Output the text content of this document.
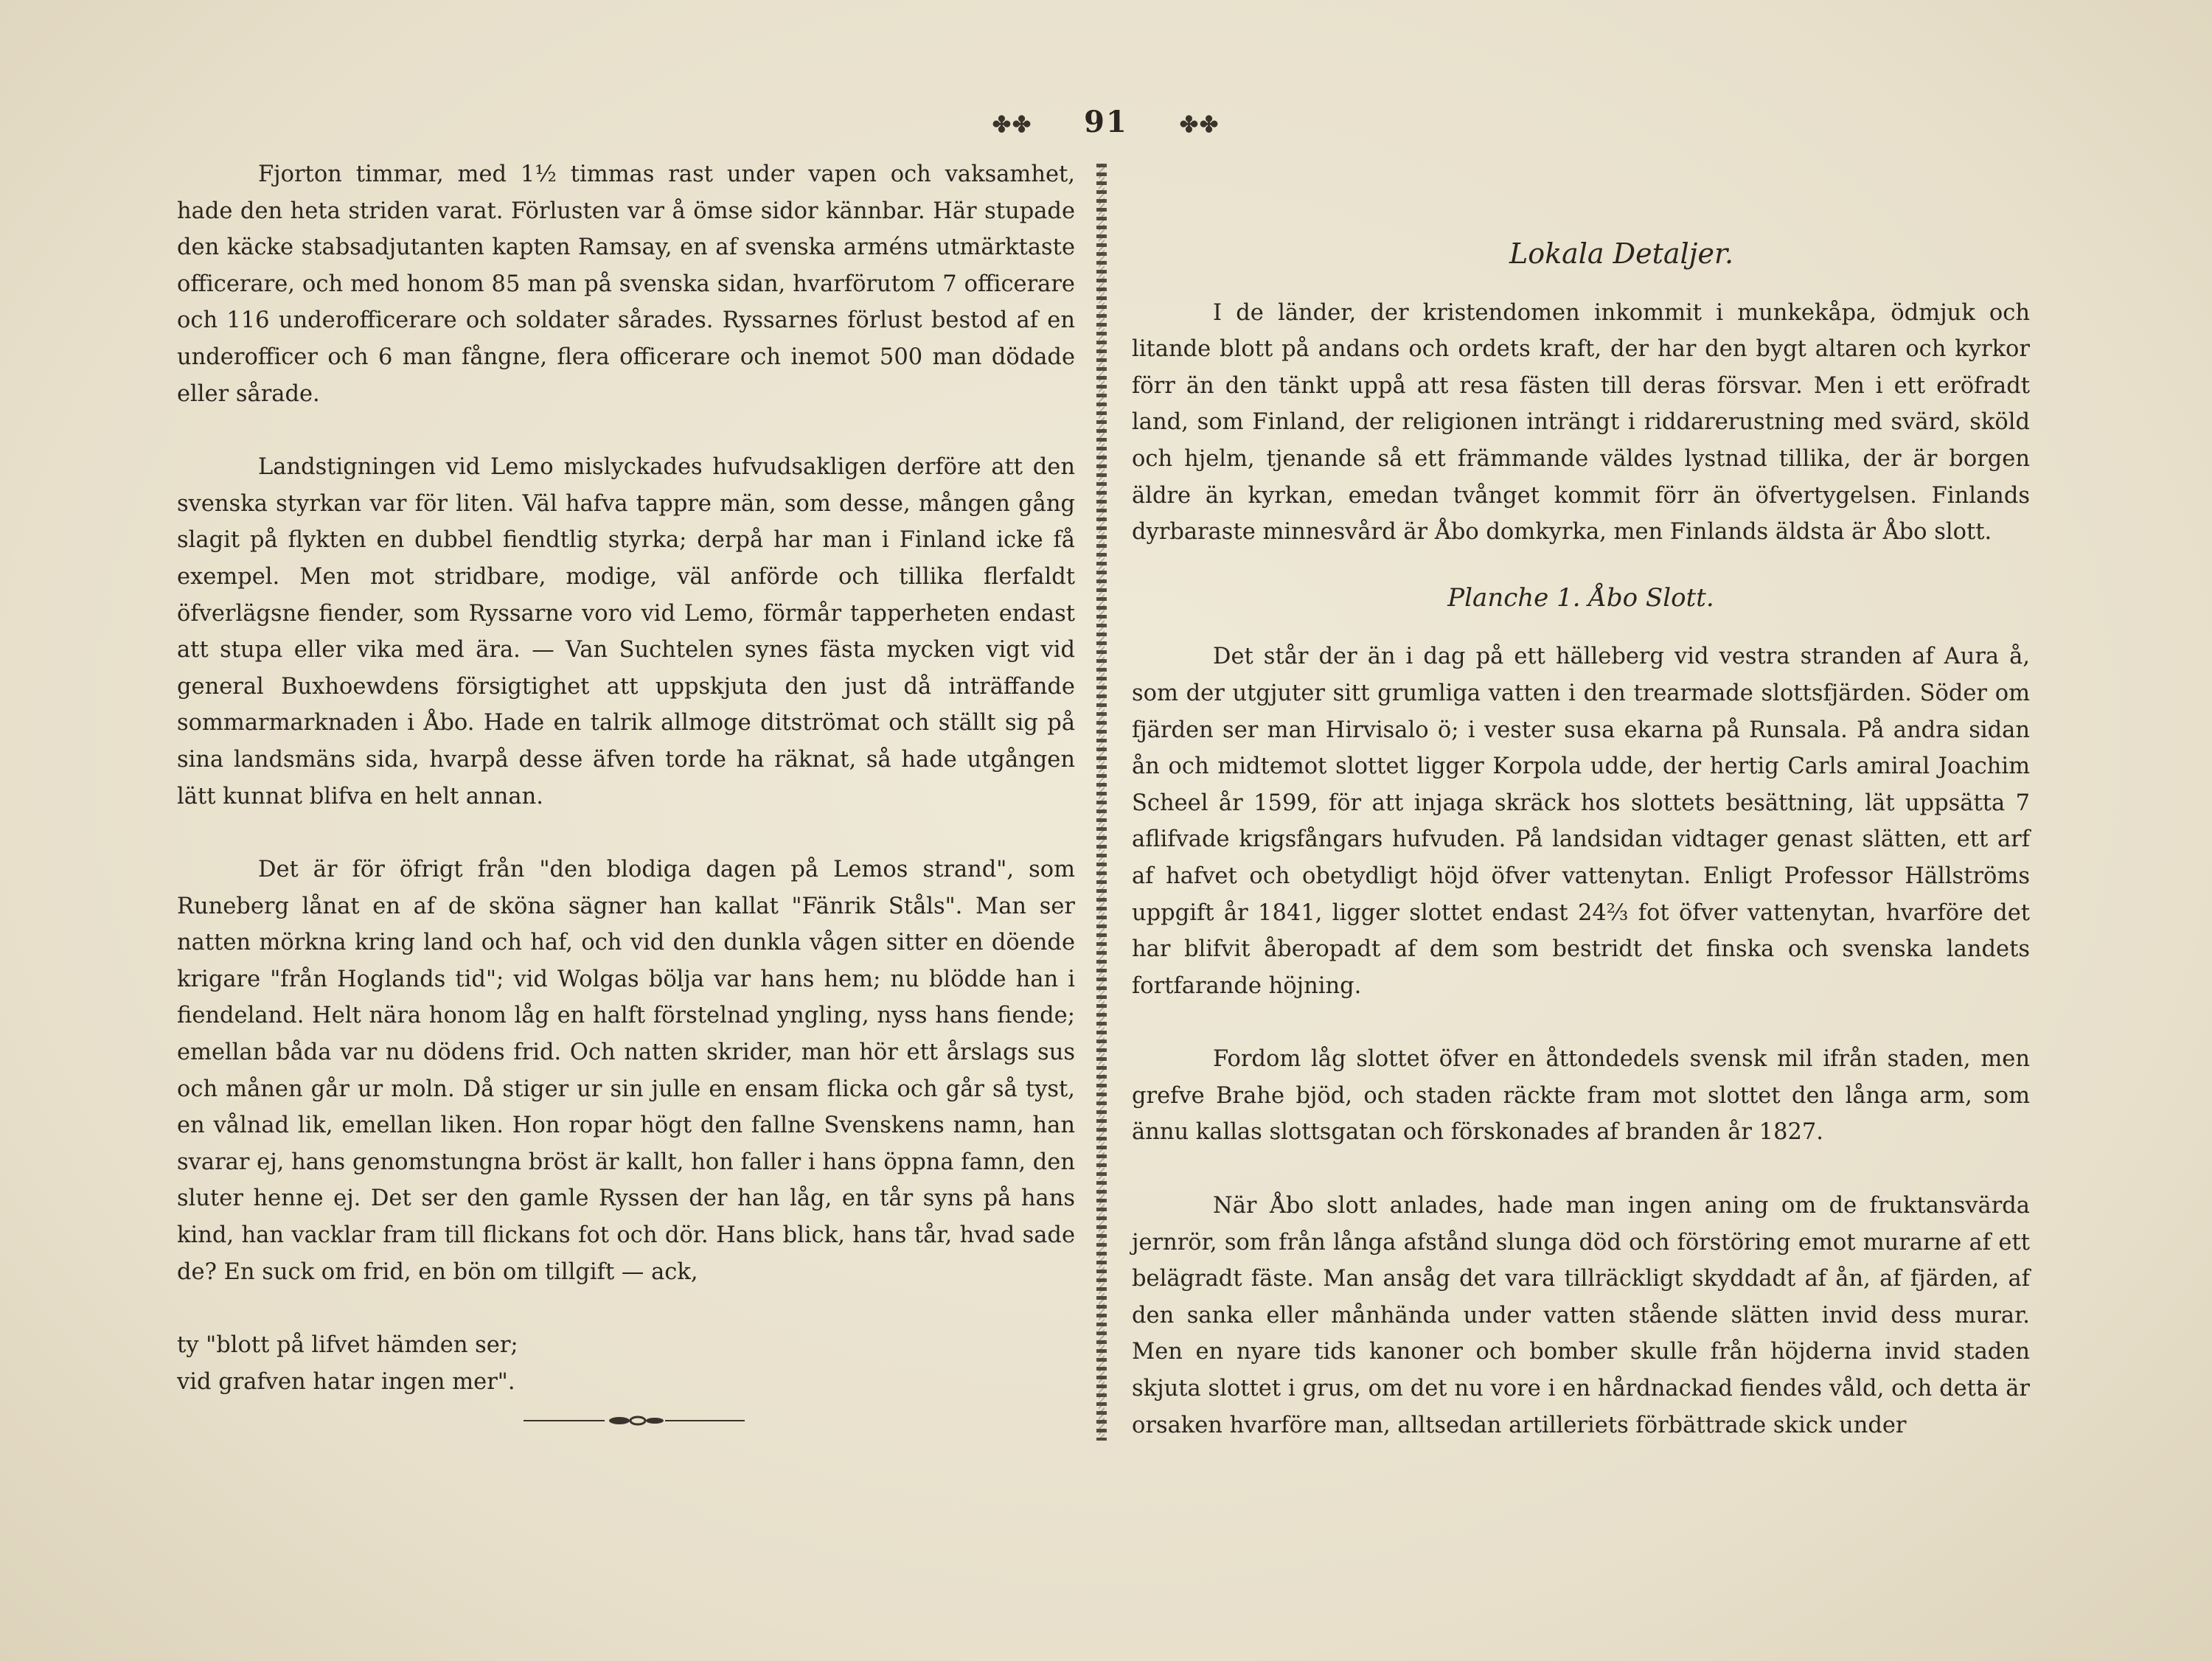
✤✤ 91 ✤✤

Fjorton timmar, med 1½ timmas rast under vapen och vaksamhet, hade den heta striden varat. Förlusten var å ömse sidor kännbar. Här stupade den käcke stabsadjutanten kapten Ramsay, en af svenska arméns utmärktaste officerare, och med honom 85 man på svenska sidan, hvarförutom 7 officerare och 116 underofficerare och soldater sårades. Ryssarnes förlust bestod af en underofficer och 6 man fångne, flera officerare och inemot 500 man dödade eller sårade.

Landstigningen vid Lemo mislyckades hufvudsakligen derföre att den svenska styrkan var för liten. Väl hafva tappre män, som desse, mången gång slagit på flykten en dubbel fiendtlig styrka; derpå har man i Finland icke få exempel. Men mot stridbare, modige, väl anförde och tillika flerfaldt öfverlägsne fiender, som Ryssarne voro vid Lemo, förmår tapperheten endast att stupa eller vika med ära. — Van Suchtelen synes fästa mycken vigt vid general Buxhoewdens försigtighet att uppskjuta den just då inträffande sommarmarknaden i Åbo. Hade en talrik allmoge ditströmat och ställt sig på sina landsmäns sida, hvarpå desse äfven torde ha räknat, så hade utgången lätt kunnat blifva en helt annan.

Det är för öfrigt från "den blodiga dagen på Lemos strand", som Runeberg lånat en af de sköna sägner han kallat "Fänrik Ståls". Man ser natten mörkna kring land och haf, och vid den dunkla vågen sitter en döende krigare "från Hoglands tid"; vid Wolgas bölja var hans hem; nu blödde han i fiendeland. Helt nära honom låg en halft förstelnad yngling, nyss hans fiende; emellan båda var nu dödens frid. Och natten skrider, man hör ett årslags sus och månen går ur moln. Då stiger ur sin julle en ensam flicka och går så tyst, en vålnad lik, emellan liken. Hon ropar högt den fallne Svenskens namn, han svarar ej, hans genomstungna bröst är kallt, hon faller i hans öppna famn, den sluter henne ej. Det ser den gamle Ryssen der han låg, en tår syns på hans kind, han vacklar fram till flickans fot och dör. Hans blick, hans tår, hvad sade de? En suck om frid, en bön om tillgift — ack,

ty "blott på lifvet hämden ser;
vid grafven hatar ingen mer".

Lokala Detaljer.

I de länder, der kristendomen inkommit i munkekåpa, ödmjuk och litande blott på andans och ordets kraft, der har den bygt altaren och kyrkor förr än den tänkt uppå att resa fästen till deras försvar. Men i ett eröfradt land, som Finland, der religionen inträngt i riddarerustning med svärd, sköld och hjelm, tjenande så ett främmande väldes lystnad tillika, der är borgen äldre än kyrkan, emedan tvånget kommit förr än öfvertygelsen. Finlands dyrbaraste minnesvård är Åbo domkyrka, men Finlands äldsta är Åbo slott.

Planche 1. Åbo Slott.

Det står der än i dag på ett hälleberg vid vestra stranden af Aura å, som der utgjuter sitt grumliga vatten i den trearmade slottsfjärden. Söder om fjärden ser man Hirvisalo ö; i vester susa ekarna på Runsala. På andra sidan ån och midtemot slottet ligger Korpola udde, der hertig Carls amiral Joachim Scheel år 1599, för att injaga skräck hos slottets besättning, lät uppsätta 7 aflifvade krigsfångars hufvuden. På landsidan vidtager genast slätten, ett arf af hafvet och obetydligt höjd öfver vattenytan. Enligt Professor Hällströms uppgift år 1841, ligger slottet endast 24⅔ fot öfver vattenytan, hvarföre det har blifvit åberopadt af dem som bestridt det finska och svenska landets fortfarande höjning.

Fordom låg slottet öfver en åttondedels svensk mil ifrån staden, men grefve Brahe bjöd, och staden räckte fram mot slottet den långa arm, som ännu kallas slottsgatan och förskonades af branden år 1827.

När Åbo slott anlades, hade man ingen aning om de fruktansvärda jernrör, som från långa afstånd slunga död och förstöring emot murarne af ett belägradt fäste. Man ansåg det vara tillräckligt skyddadt af ån, af fjärden, af den sanka eller månhända under vatten stående slätten invid dess murar. Men en nyare tids kanoner och bomber skulle från höjderna invid staden skjuta slottet i grus, om det nu vore i en hårdnackad fiendes våld, och detta är orsaken hvarföre man, alltsedan artilleriets förbättrade skick under
